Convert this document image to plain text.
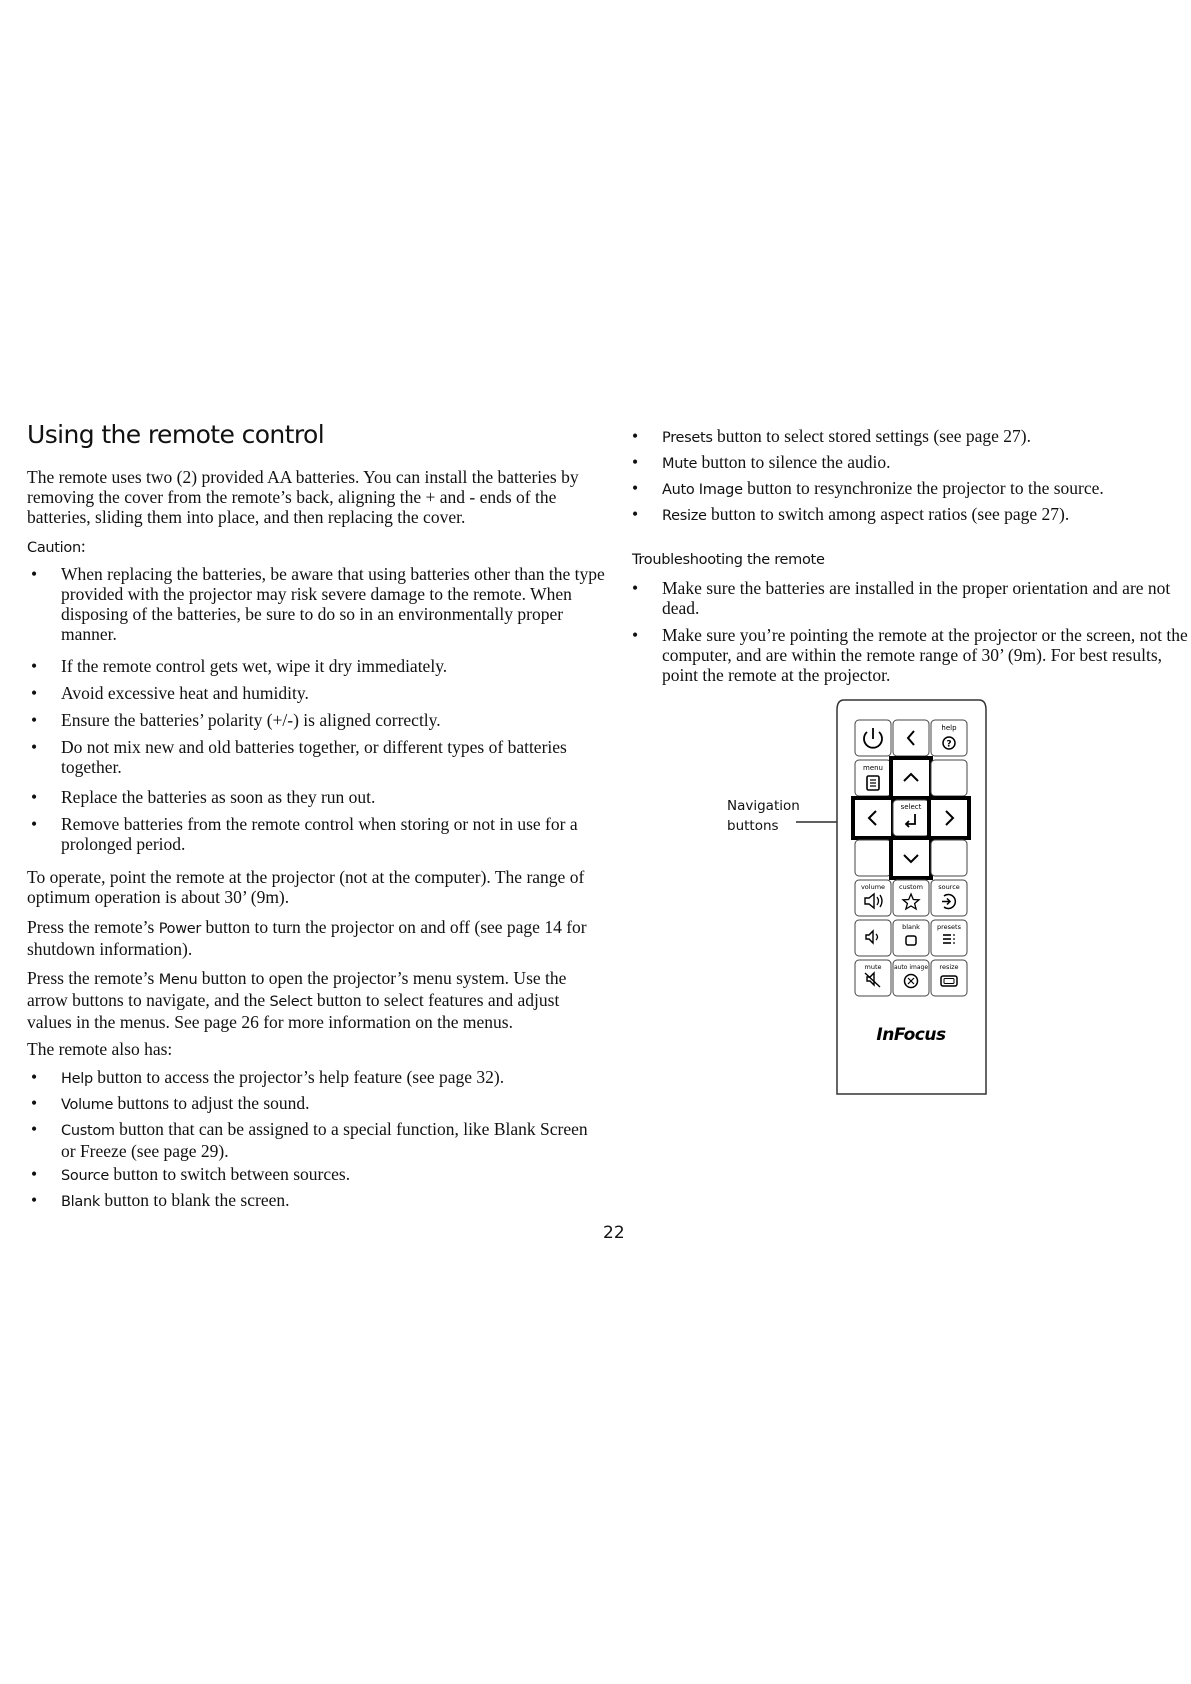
Using the remote control

The remote uses two (2) provided AA batteries. You can install the batteries by removing the cover from the remote’s back, aligning the + and - ends of the batteries, sliding them into place, and then replacing the cover.

Caution:
• When replacing the batteries, be aware that using batteries other than the type provided with the projector may risk severe damage to the remote. When disposing of the batteries, be sure to do so in an environmentally proper manner.
• If the remote control gets wet, wipe it dry immediately.
• Avoid excessive heat and humidity.
• Ensure the batteries’ polarity (+/-) is aligned correctly.
• Do not mix new and old batteries together, or different types of batteries together.
• Replace the batteries as soon as they run out.
• Remove batteries from the remote control when storing or not in use for a prolonged period.

To operate, point the remote at the projector (not at the computer). The range of optimum operation is about 30’ (9m).

Press the remote’s Power button to turn the projector on and off (see page 14 for shutdown information).

Press the remote’s Menu button to open the projector’s menu system. Use the arrow buttons to navigate, and the Select button to select features and adjust values in the menus. See page 26 for more information on the menus.

The remote also has:

• Help button to access the projector’s help feature (see page 32).
• Volume buttons to adjust the sound.
• Custom button that can be assigned to a special function, like Blank Screen or Freeze (see page 29).
• Source button to switch between sources.
• Blank button to blank the screen.
• Presets button to select stored settings (see page 27).
• Mute button to silence the audio.
• Auto Image button to resynchronize the projector to the source.
• Resize button to switch among aspect ratios (see page 27).
Troubleshooting the remote
• Make sure the batteries are installed in the proper orientation and are not dead.
• Make sure you’re pointing the remote at the projector or the screen, not the computer, and are within the remote range of 30’ (9m). For best results, point the remote at the projector.
Navigation
buttons
help
?
menu
select
volume custom source
blank	presets
mute auto image resize
InFocus
22
